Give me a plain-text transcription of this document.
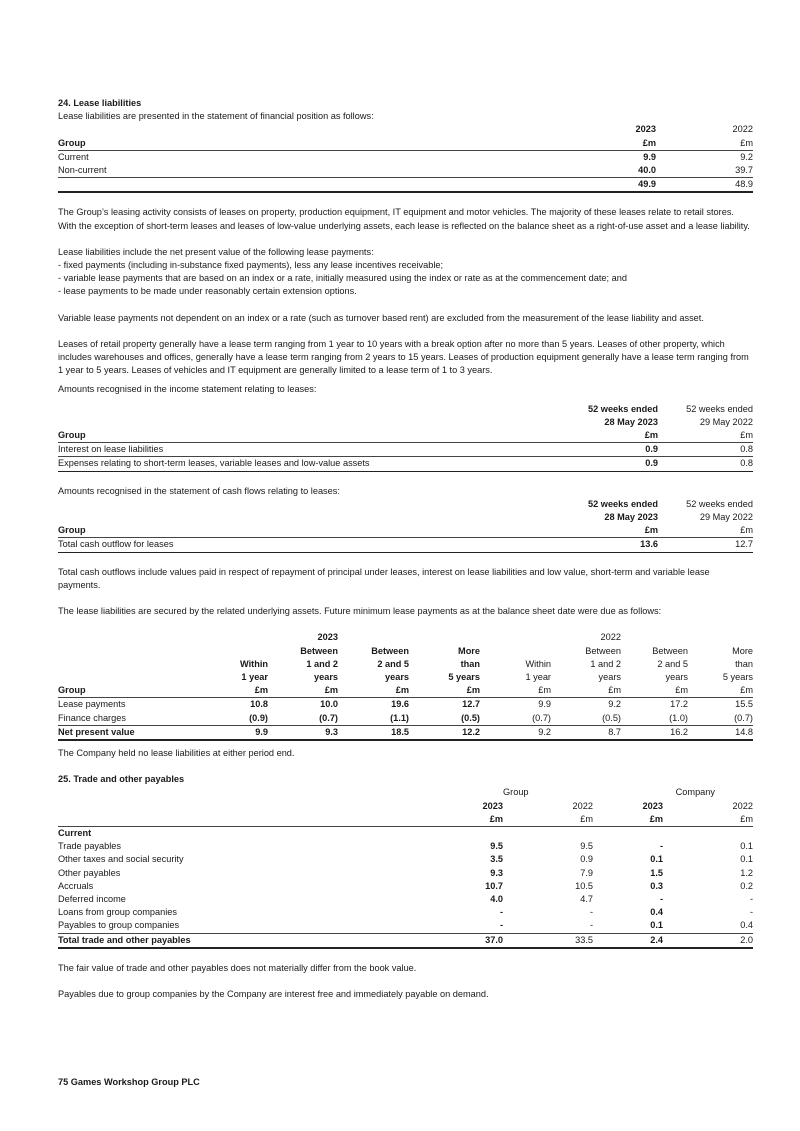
24. Lease liabilities

Lease liabilities are presented in the statement of financial position as follows:

	2023	2022
Group	£m	£m
Current	9.9	9.2
Non-current	40.0	39.7
	49.9	48.9

The Group’s leasing activity consists of leases on property, production equipment, IT equipment and motor vehicles. The majority of these leases relate to retail stores. With the exception of short-term leases and leases of low-value underlying assets, each lease is reflected on the balance sheet as a right-of-use asset and a lease liability.

Lease liabilities include the net present value of the following lease payments:

- fixed payments (including in-substance fixed payments), less any lease incentives receivable;

- variable lease payments that are based on an index or a rate, initially measured using the index or rate as at the commencement date; and

- lease payments to be made under reasonably certain extension options.

Variable lease payments not dependent on an index or a rate (such as turnover based rent) are excluded from the measurement of the lease liability and asset.

Leases of retail property generally have a lease term ranging from 1 year to 10 years with a break option after no more than 5 years. Leases of other property, which includes warehouses and offices, generally have a lease term ranging from 2 years to 15 years. Leases of production equipment generally have a lease term ranging from 1 year to 5 years. Leases of vehicles and IT equipment are generally limited to a lease term of 1 to 3 years.

Amounts recognised in the income statement relating to leases:

	52 weeks ended	52 weeks ended
	28 May 2023	29 May 2022
Group	£m	£m
Interest on lease liabilities	0.9	0.8
Expenses relating to short-term leases, variable leases and low-value assets	0.9	0.8

Amounts recognised in the statement of cash flows relating to leases:

	52 weeks ended	52 weeks ended
	28 May 2023	29 May 2022
Group	£m	£m
Total cash outflow for leases	13.6	12.7

Total cash outflows include values paid in respect of repayment of principal under leases, interest on lease liabilities and low value, short-term and variable lease payments.

The lease liabilities are secured by the related underlying assets. Future minimum lease payments as at the balance sheet date were due as follows:

		2023				2022		
		Between	Between	More		Between	Between	More
	Within	1 and 2	2 and 5	than	Within	1 and 2	2 and 5	than
	1 year	years	years	5 years	1 year	years	years	5 years
Group	£m	£m	£m	£m	£m	£m	£m	£m
Lease payments	10.8	10.0	19.6	12.7	9.9	9.2	17.2	15.5
Finance charges	(0.9)	(0.7)	(1.1)	(0.5)	(0.7)	(0.5)	(1.0)	(0.7)
Net present value	9.9	9.3	18.5	12.2	9.2	8.7	16.2	14.8

The Company held no lease liabilities at either period end.

25. Trade and other payables

		Group		Company
	2023	2022	2023	2022
	£m	£m	£m	£m
Current				
Trade payables	9.5	9.5	-	0.1
Other taxes and social security	3.5	0.9	0.1	0.1
Other payables	9.3	7.9	1.5	1.2
Accruals	10.7	10.5	0.3	0.2
Deferred income	4.0	4.7	-	-
Loans from group companies	-	-	0.4	-
Payables to group companies	-	-	0.1	0.4
Total trade and other payables	37.0	33.5	2.4	2.0

The fair value of trade and other payables does not materially differ from the book value.

Payables due to group companies by the Company are interest free and immediately payable on demand.

75 Games Workshop Group PLC
